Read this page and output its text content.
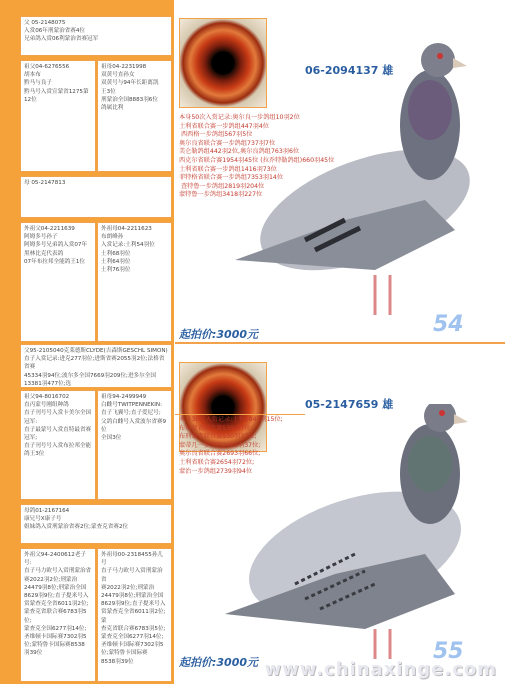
父 05-2148075
入赏06年刑蒙治省赛4位
兄弟鸽入赏06利蒙治省赛冠军
祖父04-6276556
胡本布
黔马与良子
黔马号入赏宣蒙省1275第
12位
祖母04-2231998
双黄号直孙女
双黄号与94年长距离凯
王3位
刑蒙治全国8883羽6位
鸽属比利
母 05-2147813
外祖父04-2211639
阿姆多号孙子
阿姆多号兄弟鸽入赏07年
黑林比克代表鸽
07年布拉邦全能鸽王1位
外祖母04-2211623
布朗峰孙
入赏记录:土利54羽位
土利68羽位
土利64羽位
土利76羽位
父95-2105040克莱德斯CLYDE(吉森斯GESCHL SIMON)
直子入赏记录:进克277羽位;进斯省赛2055羽2位;法格省省赛
45334羽94位;波尔多全国7669羽209位;进多尔全国13381羽477位;选

祖父94-8016702
直丙蒙号刚组种鸽
直子刊号号入赏卡美尔全国
冠军:
直子最蒙号入赏直特最省赛
冠军;
直子刊号号入赏布拉邦全能
鸽王3位
祖母94-2499949
白雌号TWITPENNEKIN:
直子飞翼号;直子爱尼号;
父鸽白雌号入赏波尔省赛9位
全国3位
母鸽01-2167164
康兄号X康子号
姐妹鸽入赏刑蒙治省赛2位;蒙查克省赛2位
外祖父94-2400612老子号:
直子马力欧号入赏刑蒙治省
赛2022羽2位;刑蒙治
24479羽8位;刑蒙治全国
8629羽9位;直子提米号入
赏蒙查克全省6011羽2位;
蒙查克省联合赛6783羽5位;
蒙查克全国6277羽14位;
圣维顿卡国际赛7302羽5
位;蒙特鲁卡国际赛8538
羽39位
外祖母00-2318455孙儿号
直子马力欧号入赏刑蒙治省
赛2022羽2位;刑蒙治
24479羽8位;刑蒙治全国
8629羽9位;直子提米号入
赏蒙查克全省6011羽2位;蒙
查克省联合赛6783羽5位;
蒙查克全国6277羽14位;
圣维顿卡国际赛7302羽5
位;蒙特鲁卡国际赛
8538羽39位
06-2094137 雄
本身50次入赏记录:奥尔良一步鸽组10羽2位
土利省联合赛一步鸽组447羽4位
西西格一步鸽组567羽5位
奥尔良省联合赛一步鸽组737羽7位
美仑勒鸽组442羽2位,奥尔良鸽组763羽6位
西克尔省联合赛1954羽45位 (拉乔特勒鸽组)660羽45位
土利省联合赛一步鸽组1416羽73位
菲特格省联合赛一步鸽组7353羽14位
查特鲁一步鸽组2819羽204位
蒙特鲁一步鸽组3418羽227位
起拍价:3000元	54
05-2147659 雄
本身36次入赏记录:土利1841羽15位;
布刑蒙省联合赛539羽7位;
布刑蒙省联合赛530羽37位;
蒙蒂几一步鸽组2481羽37位;
奥尔良省联合赛2693羽66位;
土利省联合赛2654羽72位;
蒙治一步鸽组2739羽94位
起拍价:3000元	55
www.chinaxinge.com
